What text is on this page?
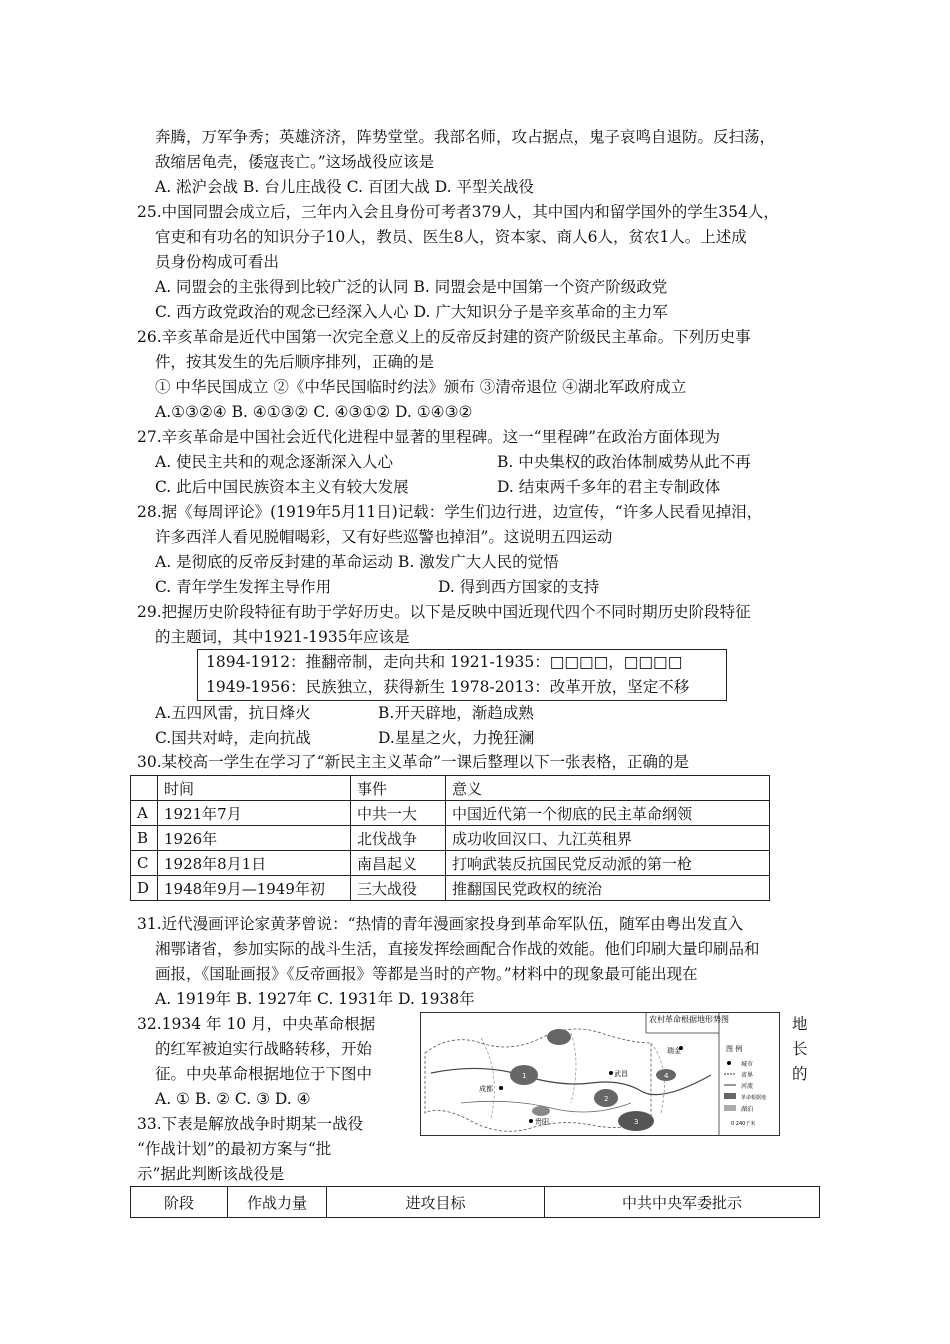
奔腾，万军争秀；英雄济济，阵势堂堂。我部名师，攻占据点，鬼子哀鸣自退防。反扫荡，
敌缩居龟壳，倭寇丧亡。”这场战役应该是
A. 淞沪会战 B. 台儿庄战役 C. 百团大战 D. 平型关战役
25.中国同盟会成立后，三年内入会且身份可考者379人，其中国内和留学国外的学生354人，
官吏和有功名的知识分子10人，教员、医生8人，资本家、商人6人，贫农1人。上述成
员身份构成可看出
A. 同盟会的主张得到比较广泛的认同 B. 同盟会是中国第一个资产阶级政党
C. 西方政党政治的观念已经深入人心 D. 广大知识分子是辛亥革命的主力军
26.辛亥革命是近代中国第一次完全意义上的反帝反封建的资产阶级民主革命。下列历史事
件，按其发生的先后顺序排列，正确的是
① 中华民国成立 ②《中华民国临时约法》颁布 ③清帝退位 ④湖北军政府成立
A.①③②④ B. ④①③② C. ④③①② D. ①④③②
27.辛亥革命是中国社会近代化进程中显著的里程碑。这一“里程碑”在政治方面体现为
A. 使民主共和的观念逐渐深入人心	B. 中央集权的政治体制威势从此不再
C. 此后中国民族资本主义有较大发展	D. 结束两千多年的君主专制政体
28.据《每周评论》(1919年5月11日)记载：学生们边行进，边宣传，“许多人民看见掉泪，
许多西洋人看见脱帽喝彩，又有好些巡警也掉泪”。这说明五四运动
A. 是彻底的反帝反封建的革命运动 B. 激发广大人民的觉悟
C. 青年学生发挥主导作用	D. 得到西方国家的支持
29.把握历史阶段特征有助于学好历史。以下是反映中国近现代四个不同时期历史阶段特征
的主题词，其中1921-1935年应该是
1894-1912：推翻帝制，走向共和 1921-1935：□□□□，□□□□
1949-1956：民族独立，获得新生 1978-2013：改革开放，坚定不移
A.五四风雷，抗日烽火	B.开天辟地，渐趋成熟
C.国共对峙，走向抗战	D.星星之火，力挽狂澜
30.某校高一学生在学习了“新民主主义革命”一课后整理以下一张表格，正确的是
	时间	事件	意义
A	1921年7月	中共一大	中国近代第一个彻底的民主革命纲领
B	1926年	北伐战争	成功收回汉口、九江英租界
C	1928年8月1日	南昌起义	打响武装反抗国民党反动派的第一枪
D	1948年9月—1949年初	三大战役	推翻国民党政权的统治
31.近代漫画评论家黄茅曾说：“热情的青年漫画家投身到革命军队伍，随军由粤出发直入
湘鄂诸省，参加实际的战斗生活，直接发挥绘画配合作战的效能。他们印刷大量印刷品和
画报，《国耻画报》《反帝画报》等都是当时的产物。”材料中的现象最可能出现在
A. 1919年 B. 1927年 C. 1931年 D. 1938年
32.1934 年 10 月，中央革命根据	地
的红军被迫实行战略转移，开始	长
征。中央革命根据地位于下图中	的
A. ① B. ② C. ③ D. ④
农村革命根据地形势图
成都
贵阳
武昌
瑞金
1
2
3
4
图 例
城市
省界
河流
革命根据地
湖泊
0 240千米
33.下表是解放战争时期某一战役
“作战计划”的最初方案与“批
示”据此判断该战役是
阶段	作战力量	进攻目标	中共中央军委批示
